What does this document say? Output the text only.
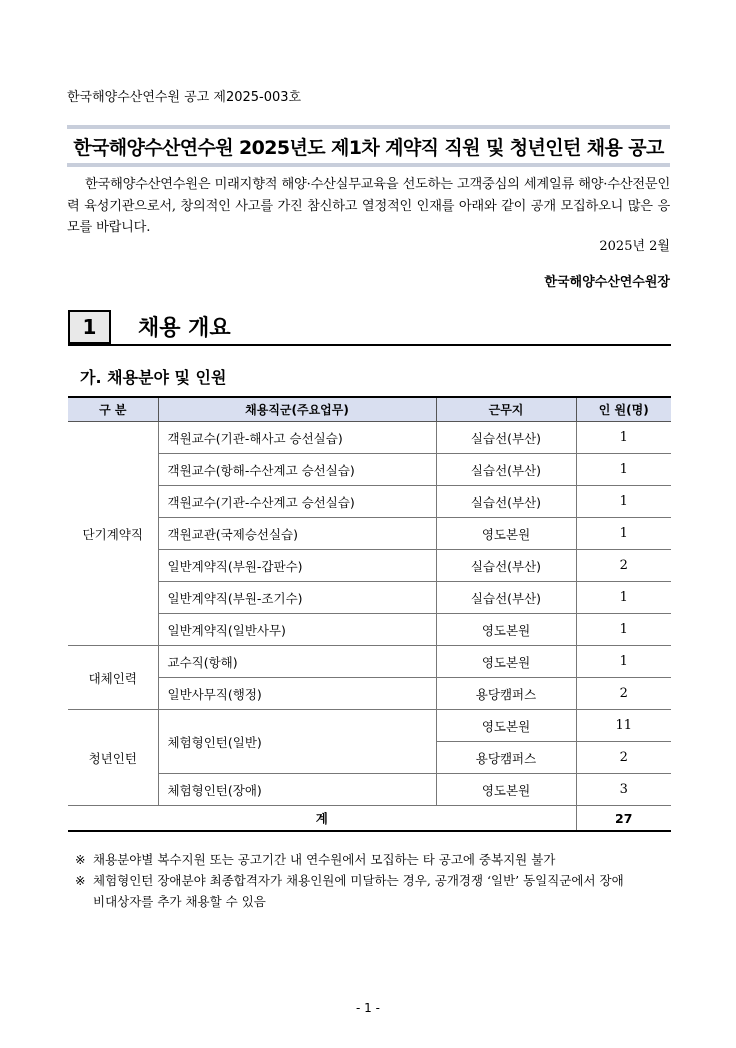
한국해양수산연수원 공고 제2025-003호
한국해양수산연수원 2025년도 제1차 계약직 직원 및 청년인턴 채용 공고
한국해양수산연수원은 미래지향적 해양·수산실무교육을 선도하는 고객중심의 세계일류 해양·수산전문인력 육성기관으로서, 창의적인 사고를 가진 참신하고 열정적인 인재를 아래와 같이 공개 모집하오니 많은 응모를 바랍니다.
2025년 2월
한국해양수산연수원장
1	채용 개요
가. 채용분야 및 인원
구 분	채용직군(주요업무)	근무지	인 원(명)
단기계약직	객원교수(기관-해사고 승선실습)	실습선(부산)	1
	객원교수(항해-수산계고 승선실습)	실습선(부산)	1
	객원교수(기관-수산계고 승선실습)	실습선(부산)	1
	객원교관(국제승선실습)	영도본원	1
	일반계약직(부원-갑판수)	실습선(부산)	2
	일반계약직(부원-조기수)	실습선(부산)	1
	일반계약직(일반사무)	영도본원	1
대체인력	교수직(항해)	영도본원	1
	일반사무직(행정)	용당캠퍼스	2
청년인턴	체험형인턴(일반)	영도본원	11
		용당캠퍼스	2
	체험형인턴(장애)	영도본원	3
계			27
※ 채용분야별 복수지원 또는 공고기간 내 연수원에서 모집하는 타 공고에 중복지원 불가
※ 체험형인턴 장애분야 최종합격자가 채용인원에 미달하는 경우, 공개경쟁 ‘일반’ 동일직군에서 장애
비대상자를 추가 채용할 수 있음
- 1 -
